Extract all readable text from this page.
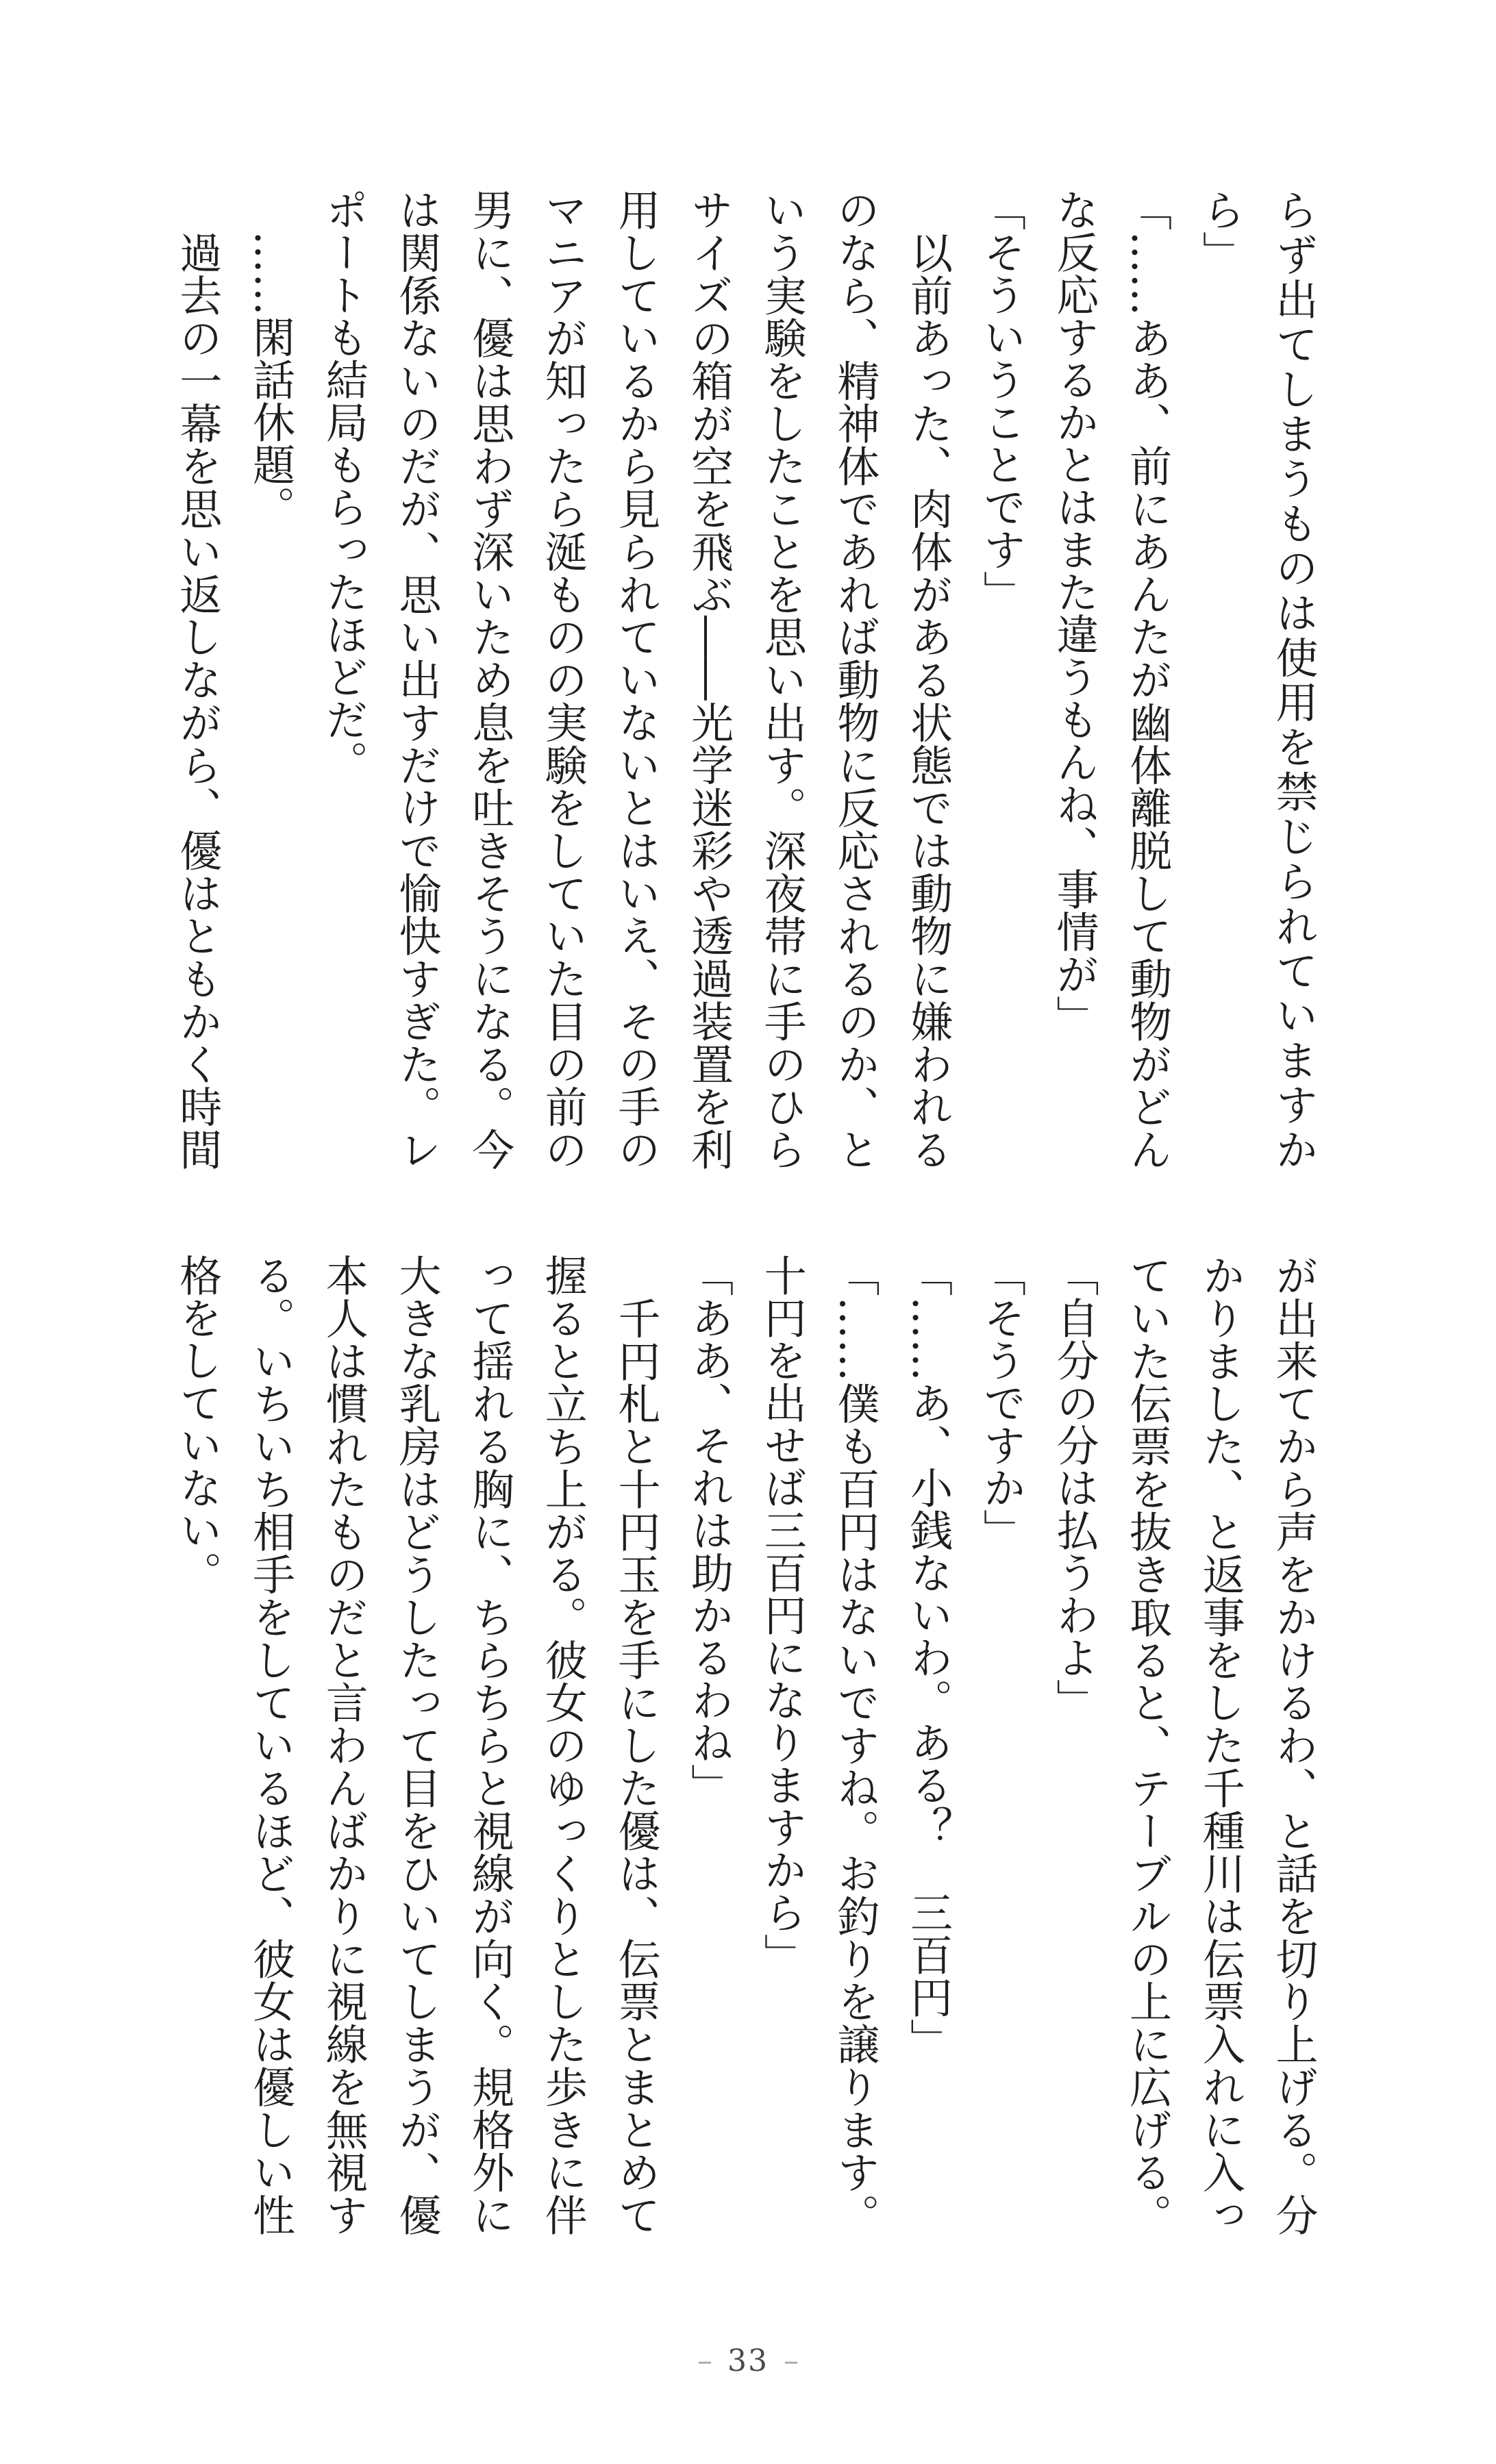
らず出てしまうものは使用を禁じられていますか
ら」
「……ああ、前にあんたが幽体離脱して動物がどん
な反応するかとはまた違うもんね、事情が」
「そういうことです」
　以前あった、肉体がある状態では動物に嫌われる
のなら、精神体であれば動物に反応されるのか、と
いう実験をしたことを思い出す。深夜帯に手のひら
サイズの箱が空を飛ぶ――光学迷彩や透過装置を利
用しているから見られていないとはいえ、その手の
マニアが知ったら涎ものの実験をしていた目の前の
男に、優は思わず深いため息を吐きそうになる。今
は関係ないのだが、思い出すだけで愉快すぎた。レ
ポートも結局もらったほどだ。
　……閑話休題。
　過去の一幕を思い返しながら、優はともかく時間
が出来てから声をかけるわ、と話を切り上げる。分
かりました、と返事をした千種川は伝票入れに入っ
ていた伝票を抜き取ると、テーブルの上に広げる。
「自分の分は払うわよ」
「そうですか」
「……あ、小銭ないわ。ある？　三百円」
「……僕も百円はないですね。お釣りを譲ります。
十円を出せば三百円になりますから」
「ああ、それは助かるわね」
　千円札と十円玉を手にした優は、伝票とまとめて
握ると立ち上がる。彼女のゆっくりとした歩きに伴
って揺れる胸に、ちらちらと視線が向く。規格外に
大きな乳房はどうしたって目をひいてしまうが、優
本人は慣れたものだと言わんばかりに視線を無視す
る。いちいち相手をしているほど、彼女は優しい性
格をしていない。
– 33 –
